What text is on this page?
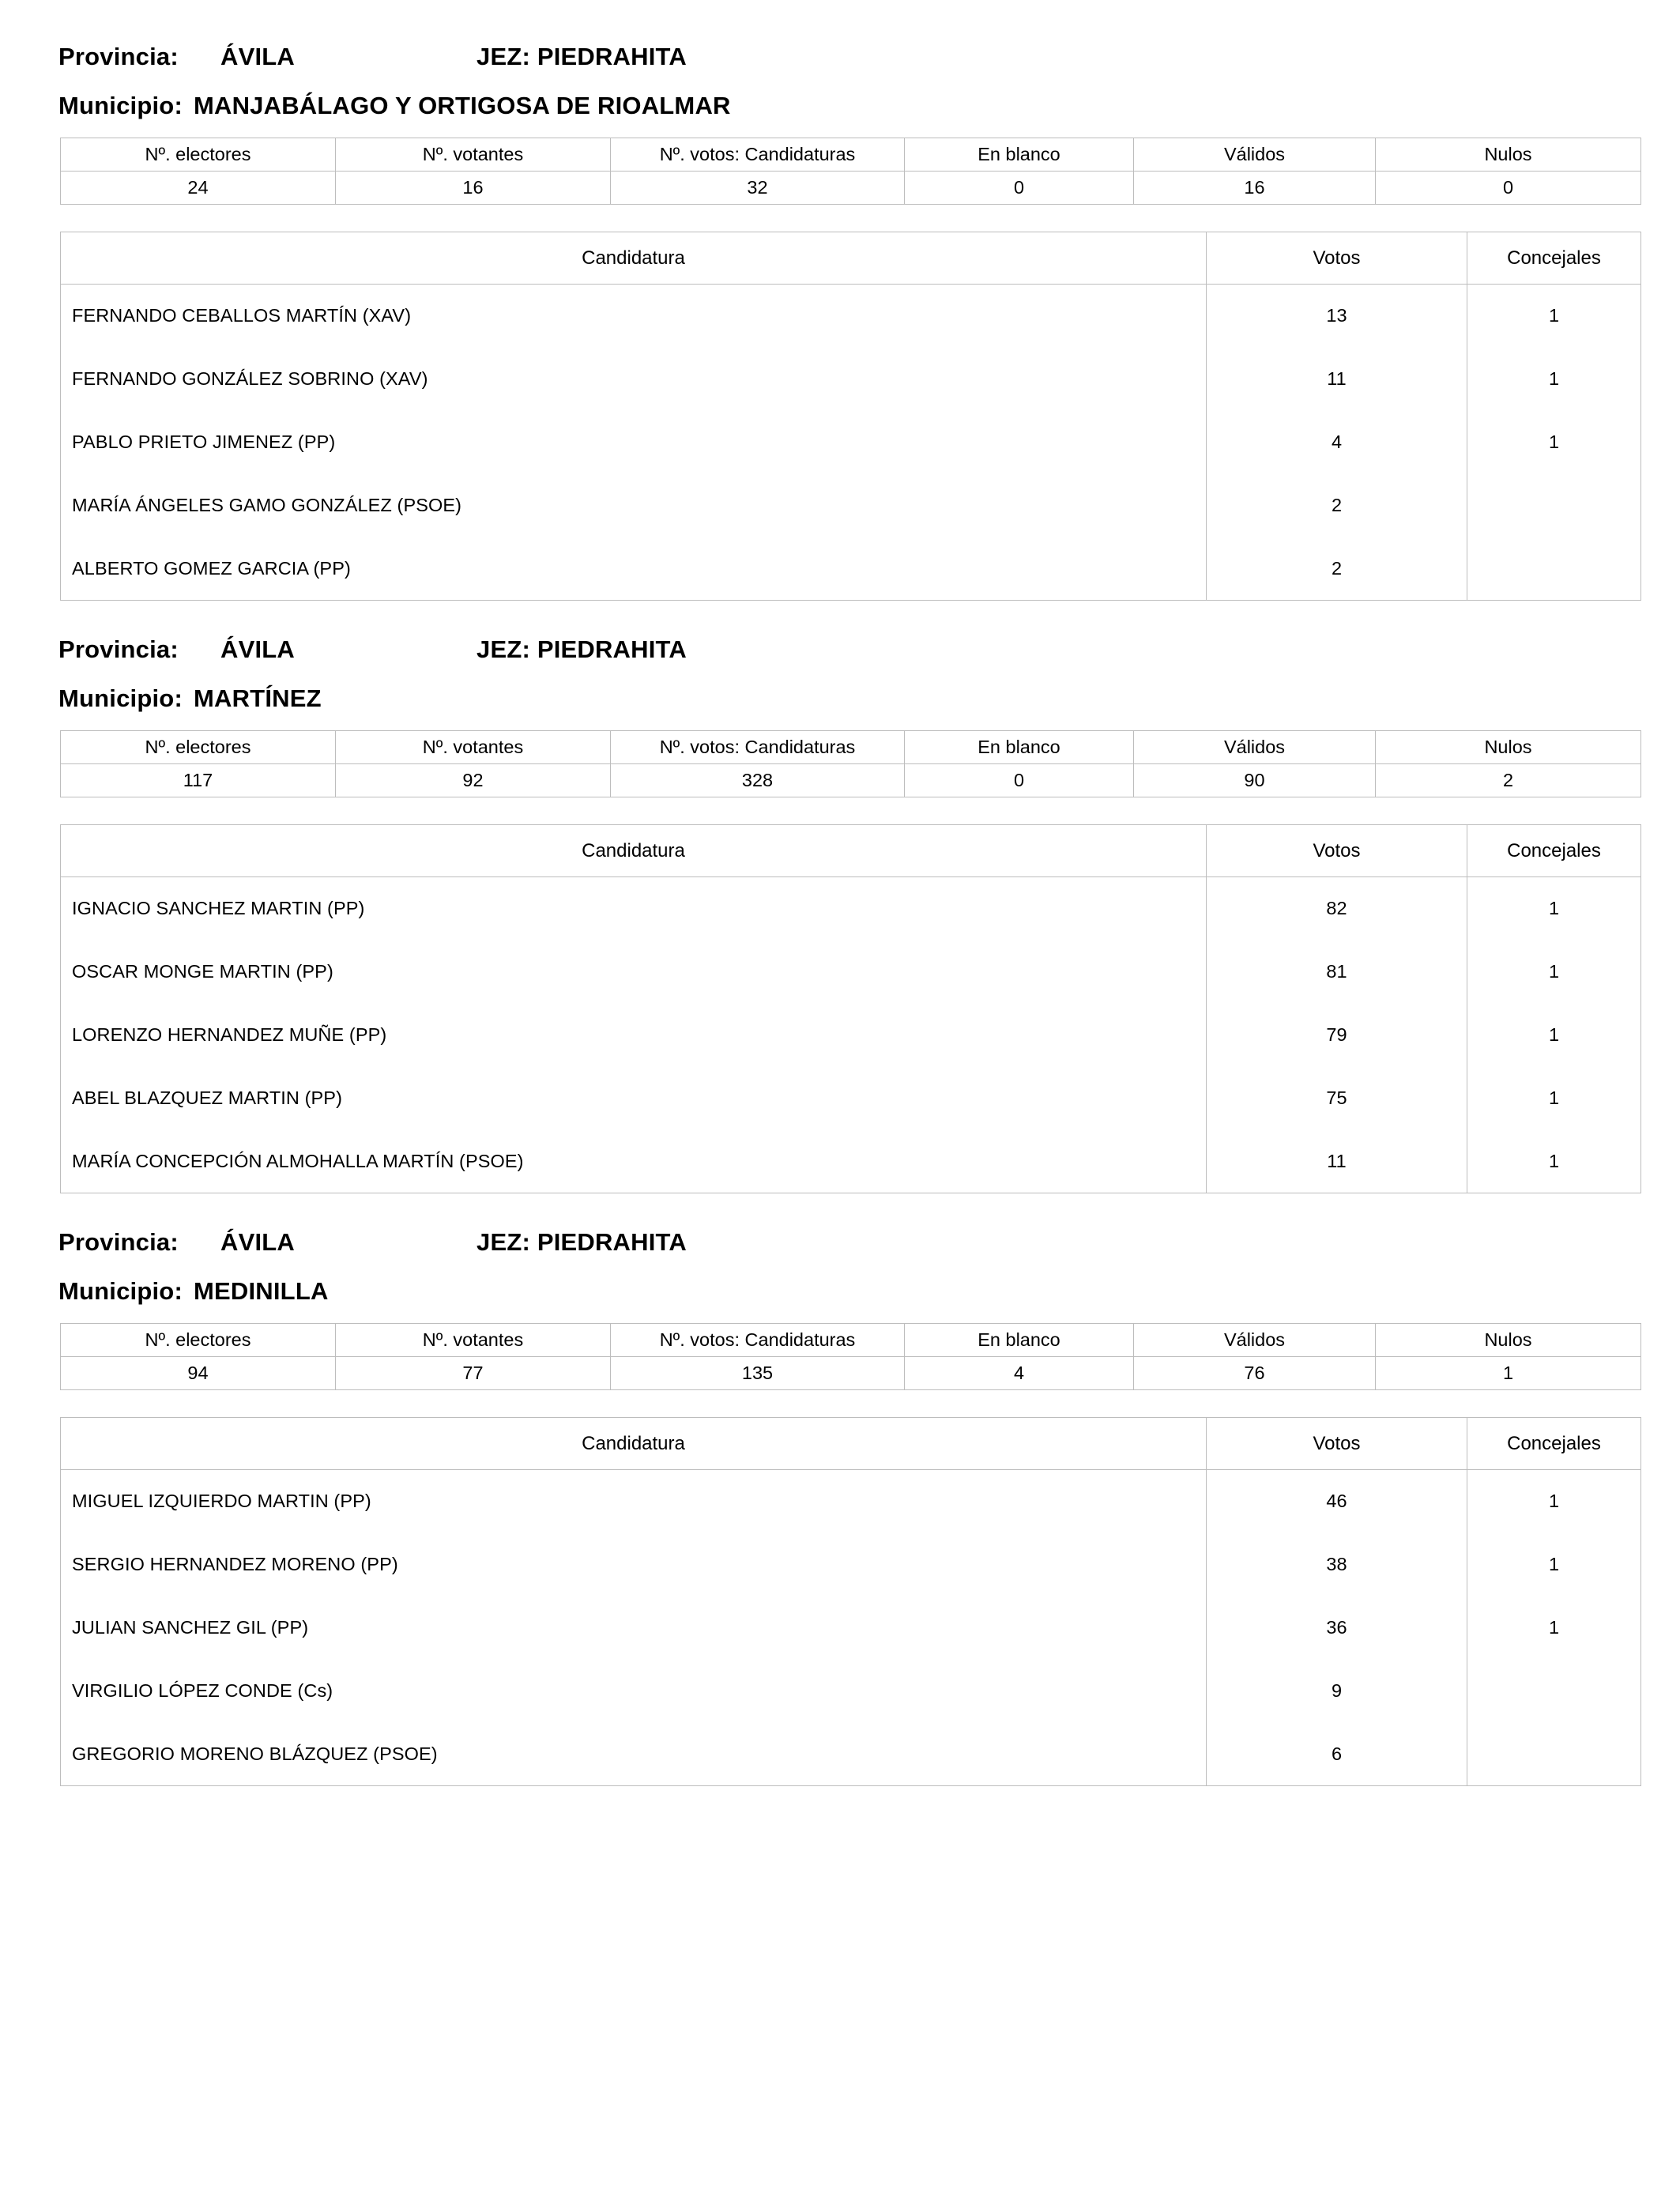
Provincia:	ÁVILA	JEZ: PIEDRAHITA
Municipio: MANJABÁLAGO Y ORTIGOSA DE RIOALMAR
Nº. electores	Nº. votantes	Nº. votos: Candidaturas	En blanco	Válidos	Nulos
24	16	32	0	16	0
Candidatura	Votos	Concejales
FERNANDO CEBALLOS MARTÍN (XAV)	13	1
FERNANDO GONZÁLEZ SOBRINO (XAV)	11	1
PABLO PRIETO JIMENEZ (PP)	4	1
MARÍA ÁNGELES GAMO GONZÁLEZ (PSOE)	2	
ALBERTO GOMEZ GARCIA (PP)	2	
Provincia:	ÁVILA	JEZ: PIEDRAHITA
Municipio: MARTÍNEZ
Nº. electores	Nº. votantes	Nº. votos: Candidaturas	En blanco	Válidos	Nulos
117	92	328	0	90	2
Candidatura	Votos	Concejales
IGNACIO SANCHEZ MARTIN (PP)	82	1
OSCAR MONGE MARTIN (PP)	81	1
LORENZO HERNANDEZ MUÑE (PP)	79	1
ABEL BLAZQUEZ MARTIN (PP)	75	1
MARÍA CONCEPCIÓN ALMOHALLA MARTÍN (PSOE)	11	1
Provincia:	ÁVILA	JEZ: PIEDRAHITA
Municipio: MEDINILLA
Nº. electores	Nº. votantes	Nº. votos: Candidaturas	En blanco	Válidos	Nulos
94	77	135	4	76	1
Candidatura	Votos	Concejales
MIGUEL IZQUIERDO MARTIN (PP)	46	1
SERGIO HERNANDEZ MORENO (PP)	38	1
JULIAN SANCHEZ GIL (PP)	36	1
VIRGILIO LÓPEZ CONDE (Cs)	9	
GREGORIO MORENO BLÁZQUEZ (PSOE)	6	
